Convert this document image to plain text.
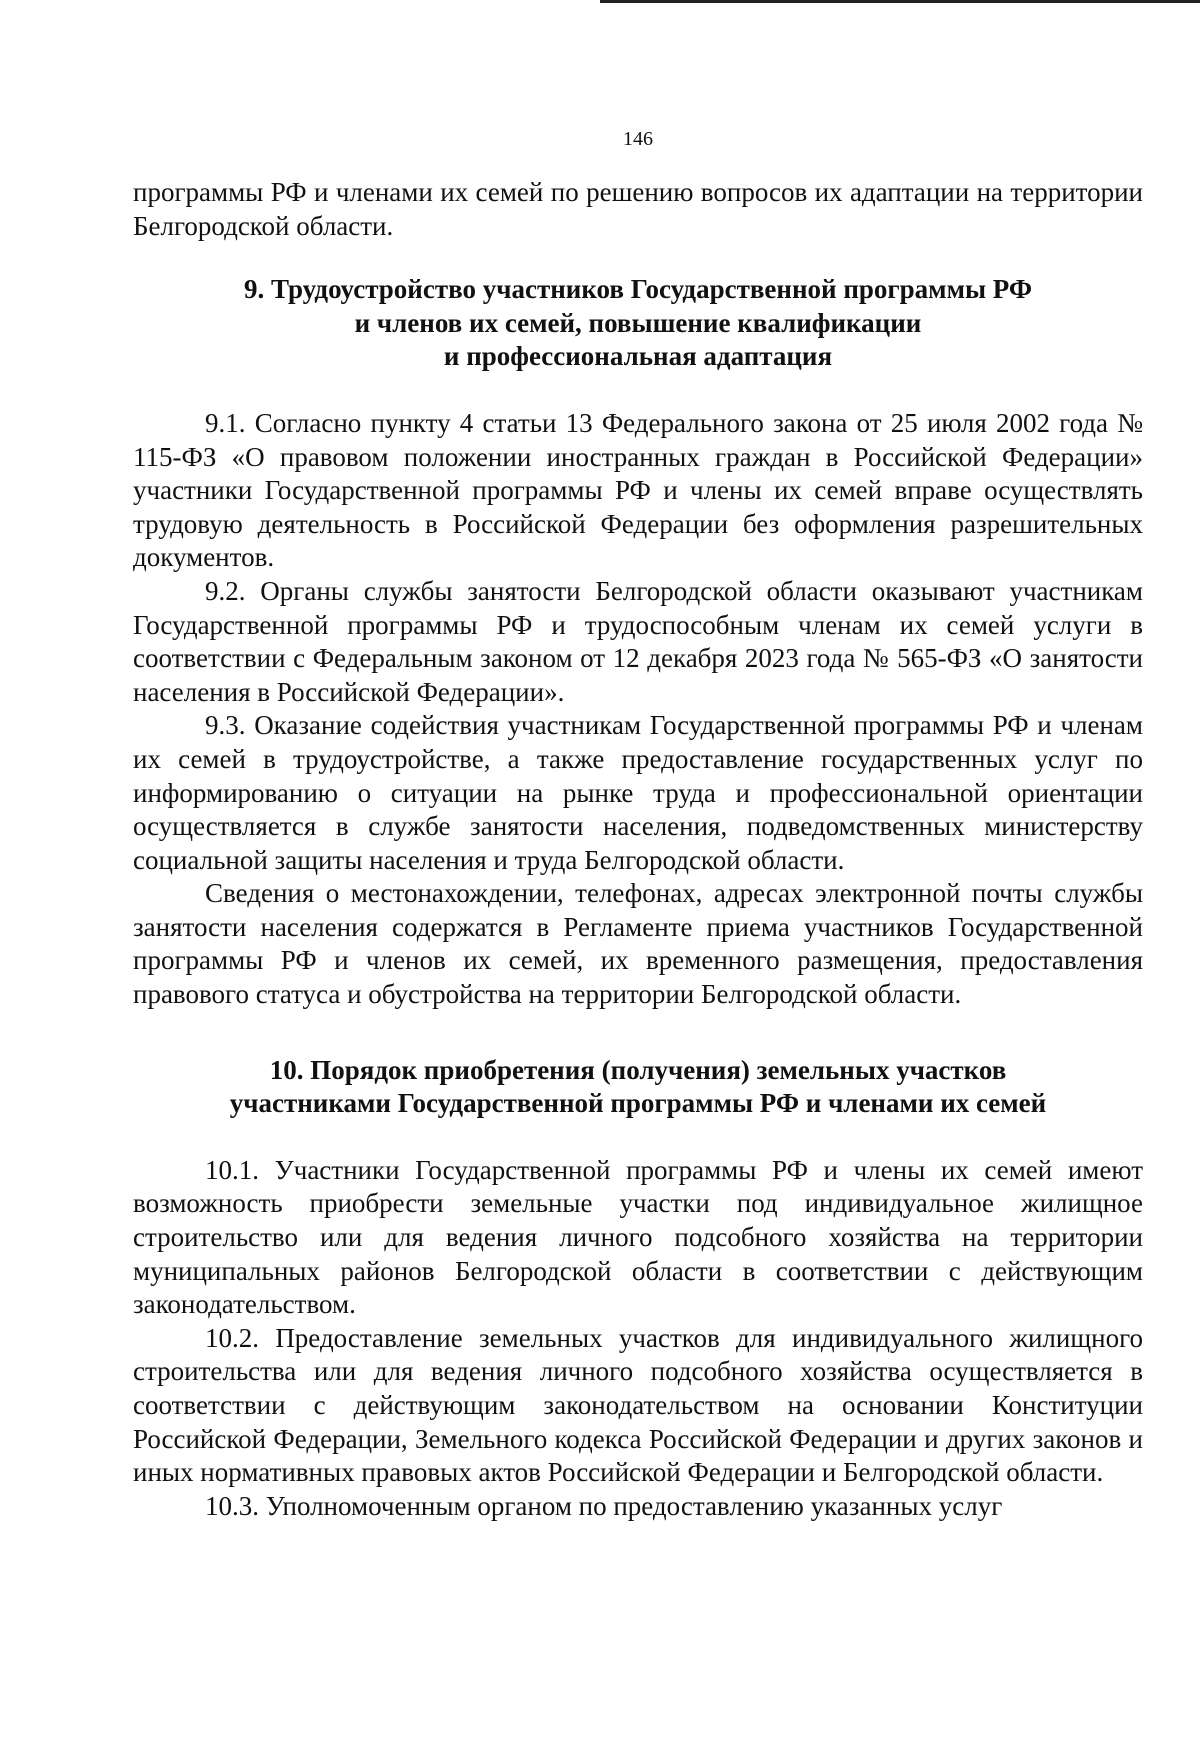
146

программы РФ и членами их семей по решению вопросов их адаптации на территории Белгородской области.

9. Трудоустройство участников Государственной программы РФ
и членов их семей, повышение квалификации
и профессиональная адаптация

9.1. Согласно пункту 4 статьи 13 Федерального закона от 25 июля 2002 года № 115-ФЗ «О правовом положении иностранных граждан в Российской Федерации» участники Государственной программы РФ и члены их семей вправе осуществлять трудовую деятельность в Российской Федерации без оформления разрешительных документов.

9.2. Органы службы занятости Белгородской области оказывают участникам Государственной программы РФ и трудоспособным членам их семей услуги в соответствии с Федеральным законом от 12 декабря 2023 года № 565-ФЗ «О занятости населения в Российской Федерации».

9.3. Оказание содействия участникам Государственной программы РФ и членам их семей в трудоустройстве, а также предоставление государственных услуг по информированию о ситуации на рынке труда и профессиональной ориентации осуществляется в службе занятости населения, подведомственных министерству социальной защиты населения и труда Белгородской области.

Сведения о местонахождении, телефонах, адресах электронной почты службы занятости населения содержатся в Регламенте приема участников Государственной программы РФ и членов их семей, их временного размещения, предоставления правового статуса и обустройства на территории Белгородской области.

10. Порядок приобретения (получения) земельных участков
участниками Государственной программы РФ и членами их семей

10.1. Участники Государственной программы РФ и члены их семей имеют возможность приобрести земельные участки под индивидуальное жилищное строительство или для ведения личного подсобного хозяйства на территории муниципальных районов Белгородской области в соответствии с действующим законодательством.

10.2. Предоставление земельных участков для индивидуального жилищного строительства или для ведения личного подсобного хозяйства осуществляется в соответствии с действующим законодательством на основании Конституции Российской Федерации, Земельного кодекса Российской Федерации и других законов и иных нормативных правовых актов Российской Федерации и Белгородской области.

10.3. Уполномоченным органом по предоставлению указанных услуг
